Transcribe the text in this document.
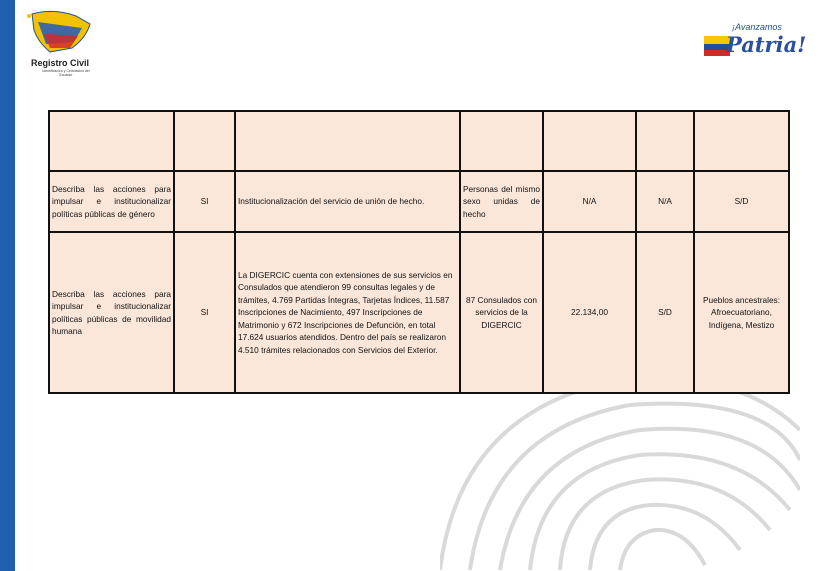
Registro Civil
Identificación y Cedulación del Ecuador
¡Avanzamos
Patria!

Describa las acciones para impulsar e institucionalizar políticas públicas de género	SI	Institucionalización del servicio de unión de hecho.	Personas del mismo sexo unidas de hecho	N/A	N/A	S/D
Describa las acciones para impulsar e institucionalizar políticas públicas de movilidad humana	SI	La DIGERCIC cuenta con extensiones de sus servicios en Consulados que atendieron 99 consultas legales y de trámites, 4.769 Partidas Íntegras, Tarjetas Índices, 11.587 Inscripciones de Nacimiento, 497 Inscripciones de Matrimonio y 672 Inscripciones de Defunción, en total 17.624 usuarios atendidos. Dentro del país se realizaron 4.510 trámites relacionados con Servicios del Exterior.	87 Consulados con servicios de la DIGERCIC	22.134,00	S/D	Pueblos ancestrales: Afroecuatoriano, Indígena, Mestizo
